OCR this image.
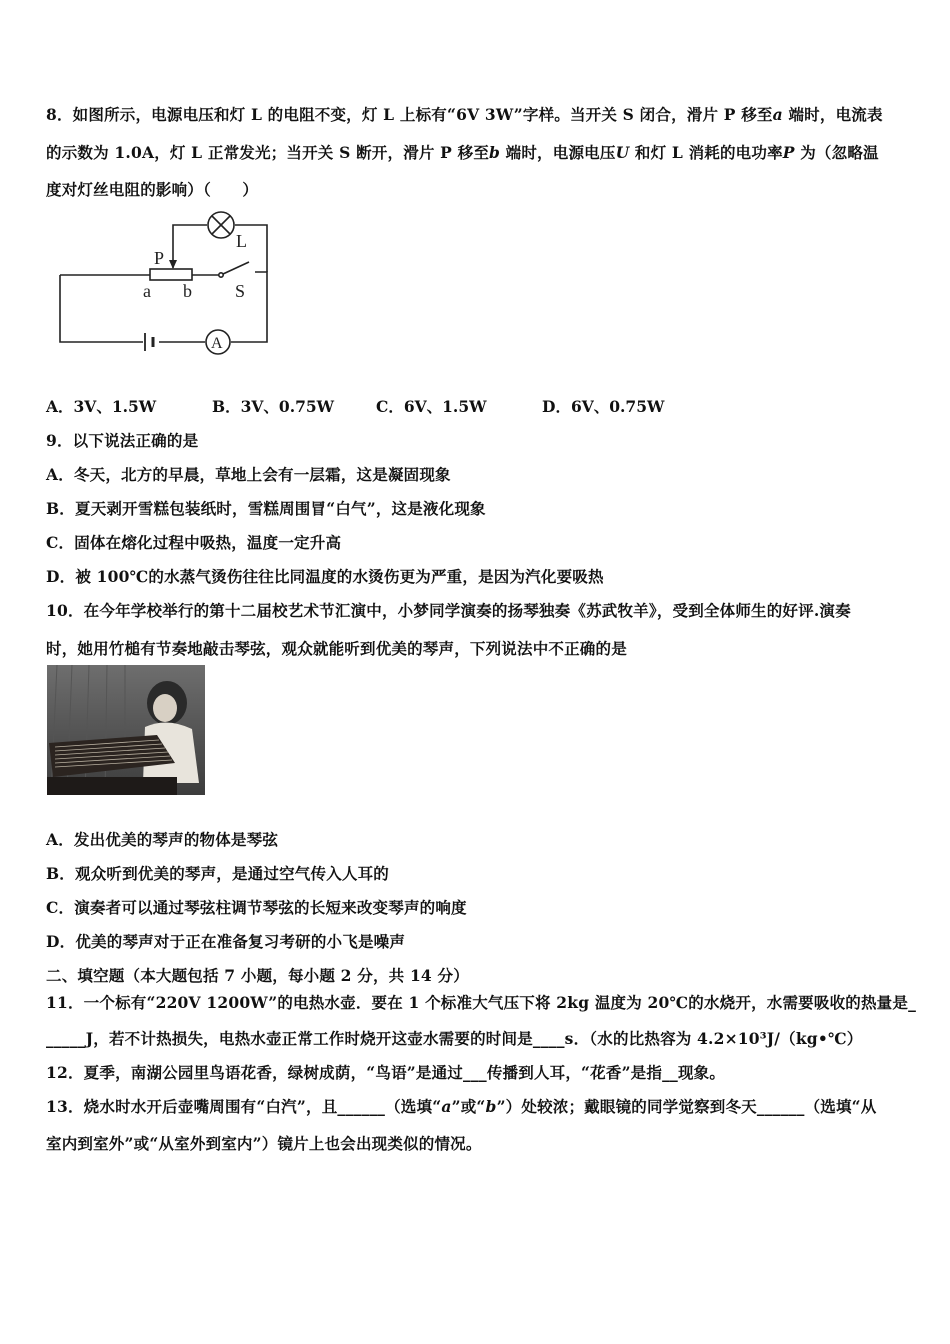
8．如图所示，电源电压和灯 L 的电阻不变，灯 L 上标有“6V 3W”字样。当开关 S 闭合，滑片 P 移至a 端时，电流表
的示数为 1.0A，灯 L 正常发光；当开关 S 断开，滑片 P 移至b 端时，电源电压U 和灯 L 消耗的电功率P 为（忽略温
度对灯丝电阻的影响）（　　）
L
P
a b S
A
A．3V、1.5W	B．3V、0.75W	C．6V、1.5W	D．6V、0.75W
9．以下说法正确的是
A．冬天，北方的早晨，草地上会有一层霜，这是凝固现象
B．夏天剥开雪糕包装纸时，雪糕周围冒“白气”，这是液化现象
C．固体在熔化过程中吸热，温度一定升高
D．被 100℃的水蒸气烫伤往往比同温度的水烫伤更为严重，是因为汽化要吸热
10．在今年学校举行的第十二届校艺术节汇演中，小梦同学演奏的扬琴独奏《苏武牧羊》，受到全体师生的好评.演奏
时，她用竹槌有节奏地敲击琴弦，观众就能听到优美的琴声，下列说法中不正确的是
A．发出优美的琴声的物体是琴弦
B．观众听到优美的琴声，是通过空气传入人耳的
C．演奏者可以通过琴弦柱调节琴弦的长短来改变琴声的响度
D．优美的琴声对于正在准备复习考研的小飞是噪声
二、填空题（本大题包括 7 小题，每小题 2 分，共 14 分）
11．一个标有“220V 1200W”的电热水壶．要在 1 个标准大气压下将 2kg 温度为 20℃的水烧开，水需要吸收的热量是_
_____J，若不计热损失，电热水壶正常工作时烧开这壶水需要的时间是____s．（水的比热容为 4.2×10³J/（kg•℃）
12．夏季，南湖公园里鸟语花香，绿树成荫，“鸟语”是通过___传播到人耳，“花香”是指__现象。
13．烧水时水开后壶嘴周围有“白汽”，且______（选填“a”或“b”）处较浓；戴眼镜的同学觉察到冬天______（选填“从
室内到室外”或“从室外到室内”）镜片上也会出现类似的情况。
